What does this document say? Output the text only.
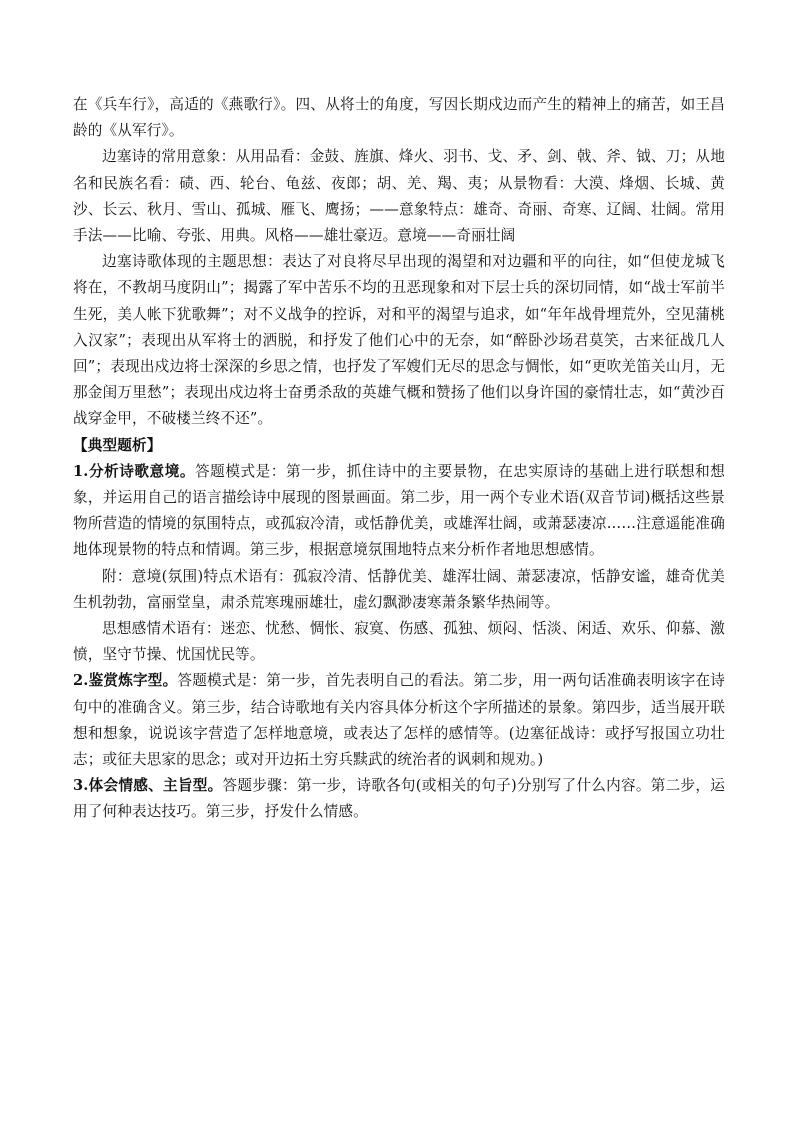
在《兵车行》，高适的《燕歌行》。四、从将士的角度，写因长期戍边而产生的精神上的痛苦，如王昌龄的《从军行》。

边塞诗的常用意象：从用品看：金鼓、旌旗、烽火、羽书、戈、矛、剑、戟、斧、钺、刀；从地名和民族名看：碛、西、轮台、龟兹、夜郎；胡、羌、羯、夷；从景物看：大漠、烽烟、长城、黄沙、长云、秋月、雪山、孤城、雁飞、鹰扬；——意象特点：雄奇、奇丽、奇寒、辽阔、壮阔。常用手法——比喻、夸张、用典。风格——雄壮豪迈。意境——奇丽壮阔

边塞诗歌体现的主题思想：表达了对良将尽早出现的渴望和对边疆和平的向往，如“但使龙城飞将在，不教胡马度阴山”；揭露了军中苦乐不均的丑恶现象和对下层士兵的深切同情，如“战士军前半生死，美人帐下犹歌舞”；对不义战争的控诉，对和平的渴望与追求，如“年年战骨埋荒外，空见蒲桃入汉家”；表现出从军将士的洒脱，和抒发了他们心中的无奈，如“醉卧沙场君莫笑，古来征战几人回”；表现出戍边将士深深的乡思之情，也抒发了军嫂们无尽的思念与惆怅，如“更吹羌笛关山月，无那金闺万里愁”；表现出戍边将士奋勇杀敌的英雄气概和赞扬了他们以身许国的豪情壮志，如“黄沙百战穿金甲，不破楼兰终不还”。

【典型题析】

1.分析诗歌意境。答题模式是：第一步，抓住诗中的主要景物，在忠实原诗的基础上进行联想和想象，并运用自己的语言描绘诗中展现的图景画面。第二步，用一两个专业术语(双音节词)概括这些景物所营造的情境的氛围特点，或孤寂冷清，或恬静优美，或雄浑壮阔，或萧瑟凄凉……注意遥能准确地体现景物的特点和情调。第三步，根据意境氛围地特点来分析作者地思想感情。

附：意境(氛围)特点术语有：孤寂冷清、恬静优美、雄浑壮阔、萧瑟凄凉，恬静安谧，雄奇优美生机勃勃，富丽堂皇，肃杀荒寒瑰丽雄壮，虚幻飘渺凄寒萧条繁华热闹等。

思想感情术语有：迷恋、忧愁、惆怅、寂寞、伤感、孤独、烦闷、恬淡、闲适、欢乐、仰慕、激愤，坚守节操、忧国忧民等。

2.鉴赏炼字型。答题模式是：第一步，首先表明自己的看法。第二步，用一两句话准确表明该字在诗句中的准确含义。第三步，结合诗歌地有关内容具体分析这个字所描述的景象。第四步，适当展开联想和想象，说说该字营造了怎样地意境，或表达了怎样的感情等。(边塞征战诗：或抒写报国立功壮志；或征夫思家的思念；或对开边拓土穷兵黩武的统治者的讽刺和规劝。)

3.体会情感、主旨型。答题步骤：第一步，诗歌各句(或相关的句子)分别写了什么内容。第二步，运用了何种表达技巧。第三步，抒发什么情感。
